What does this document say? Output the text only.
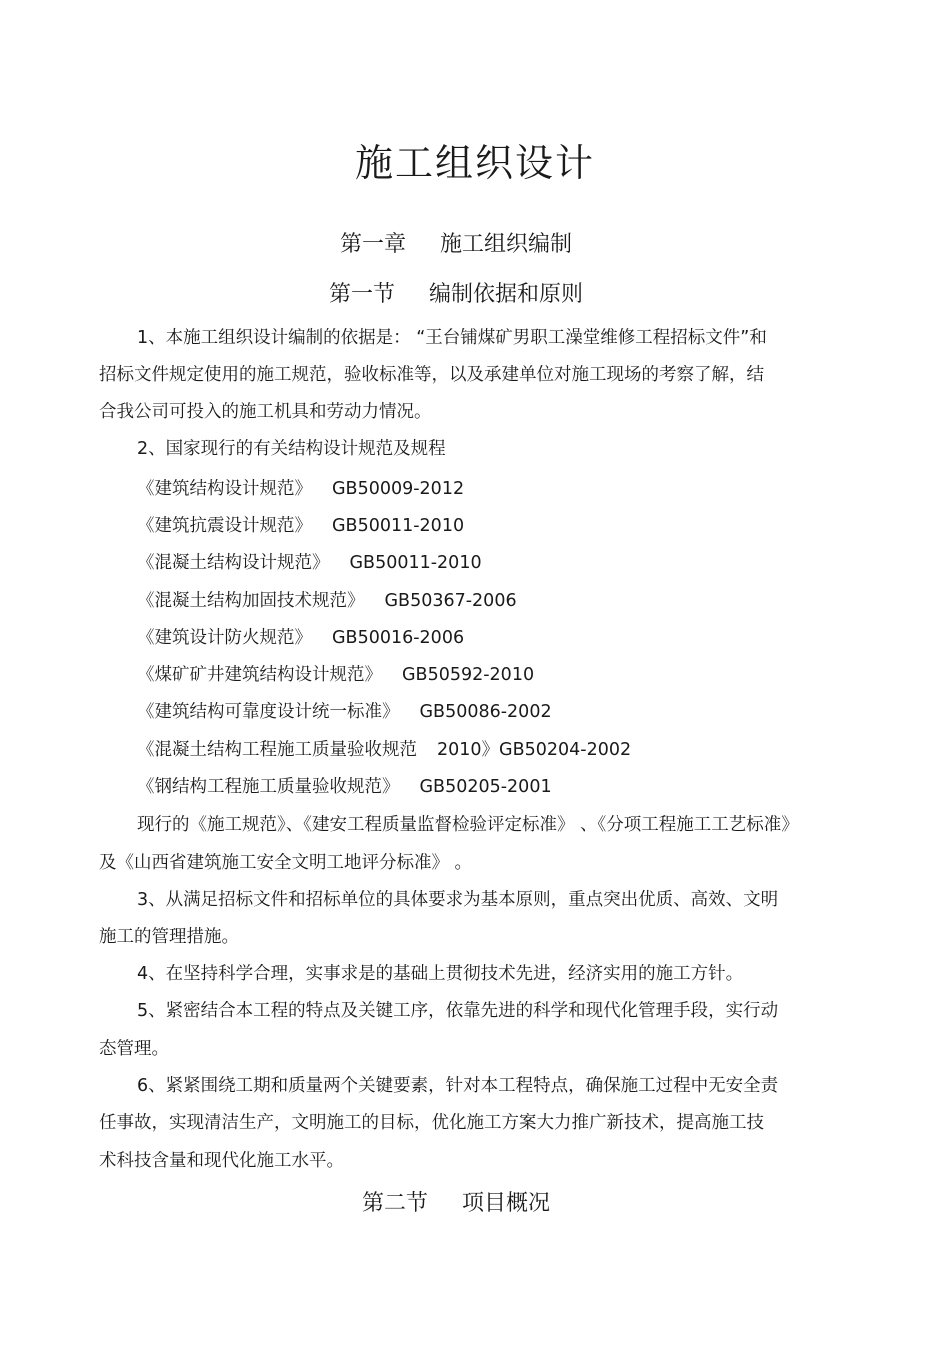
施工组织设计
第一章 施工组织编制
第一节 编制依据和原则
1、本施工组织设计编制的依据是： “王台铺煤矿男职工澡堂维修工程招标文件”和
招标文件规定使用的施工规范，验收标准等，以及承建单位对施工现场的考察了解，结
合我公司可投入的施工机具和劳动力情况。
2、国家现行的有关结构设计规范及规程
《建筑结构设计规范》 GB50009-2012
《建筑抗震设计规范》 GB50011-2010
《混凝土结构设计规范》 GB50011-2010
《混凝土结构加固技术规范》 GB50367-2006
《建筑设计防火规范》 GB50016-2006
《煤矿矿井建筑结构设计规范》 GB50592-2010
《建筑结构可靠度设计统一标准》 GB50086-2002
《混凝土结构工程施工质量验收规范 2010》GB50204-2002
《钢结构工程施工质量验收规范》 GB50205-2001
现行的《施工规范》、《建安工程质量监督检验评定标准》 、《分项工程施工工艺标准》
及《山西省建筑施工安全文明工地评分标准》 。
3、从满足招标文件和招标单位的具体要求为基本原则，重点突出优质、高效、文明
施工的管理措施。
4、在坚持科学合理，实事求是的基础上贯彻技术先进，经济实用的施工方针。
5、紧密结合本工程的特点及关键工序，依靠先进的科学和现代化管理手段，实行动
态管理。
6、紧紧围绕工期和质量两个关键要素，针对本工程特点，确保施工过程中无安全责
任事故，实现清洁生产，文明施工的目标，优化施工方案大力推广新技术，提高施工技
术科技含量和现代化施工水平。
第二节 项目概况
